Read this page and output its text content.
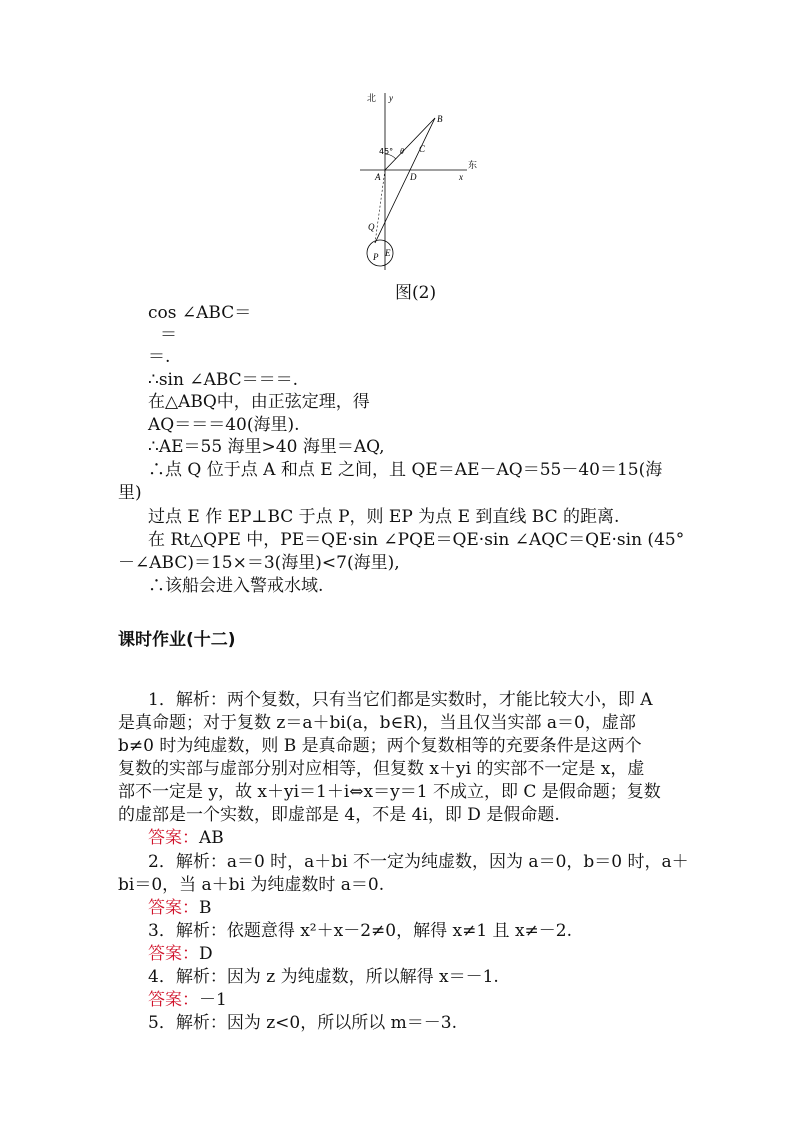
北 y
东
x
A
B
C
D
Q
P E
45° θ
图(2)
cos ∠ABC＝
＝
＝.
∴sin ∠ABC＝＝＝.
在△ABQ中，由正弦定理，得
AQ＝＝＝40(海里).
∴AE＝55 海里>40 海里＝AQ,
∴点 Q 位于点 A 和点 E 之间，且 QE＝AE－AQ＝55－40＝15(海
里)
过点 E 作 EP⊥BC 于点 P，则 EP 为点 E 到直线 BC 的距离.
在 Rt△QPE 中，PE＝QE·sin ∠PQE＝QE·sin ∠AQC＝QE·sin (45°
－∠ABC)＝15×＝3(海里)<7(海里),
∴该船会进入警戒水域.
课时作业(十二)
1．解析：两个复数，只有当它们都是实数时，才能比较大小，即 A
是真命题；对于复数 z＝a＋bi(a，b∈R)，当且仅当实部 a＝0，虚部
b≠0 时为纯虚数，则 B 是真命题；两个复数相等的充要条件是这两个
复数的实部与虚部分别对应相等，但复数 x＋yi 的实部不一定是 x，虚
部不一定是 y，故 x＋yi＝1＋i⇔x＝y＝1 不成立，即 C 是假命题；复数
的虚部是一个实数，即虚部是 4，不是 4i，即 D 是假命题.
答案：AB
2．解析：a＝0 时，a＋bi 不一定为纯虚数，因为 a＝0，b＝0 时，a＋
bi＝0，当 a＋bi 为纯虚数时 a＝0.
答案：B
3．解析：依题意得 x²＋x－2≠0，解得 x≠1 且 x≠－2.
答案：D
4．解析：因为 z 为纯虚数，所以解得 x＝－1.
答案：－1
5．解析：因为 z<0，所以所以 m＝－3.
